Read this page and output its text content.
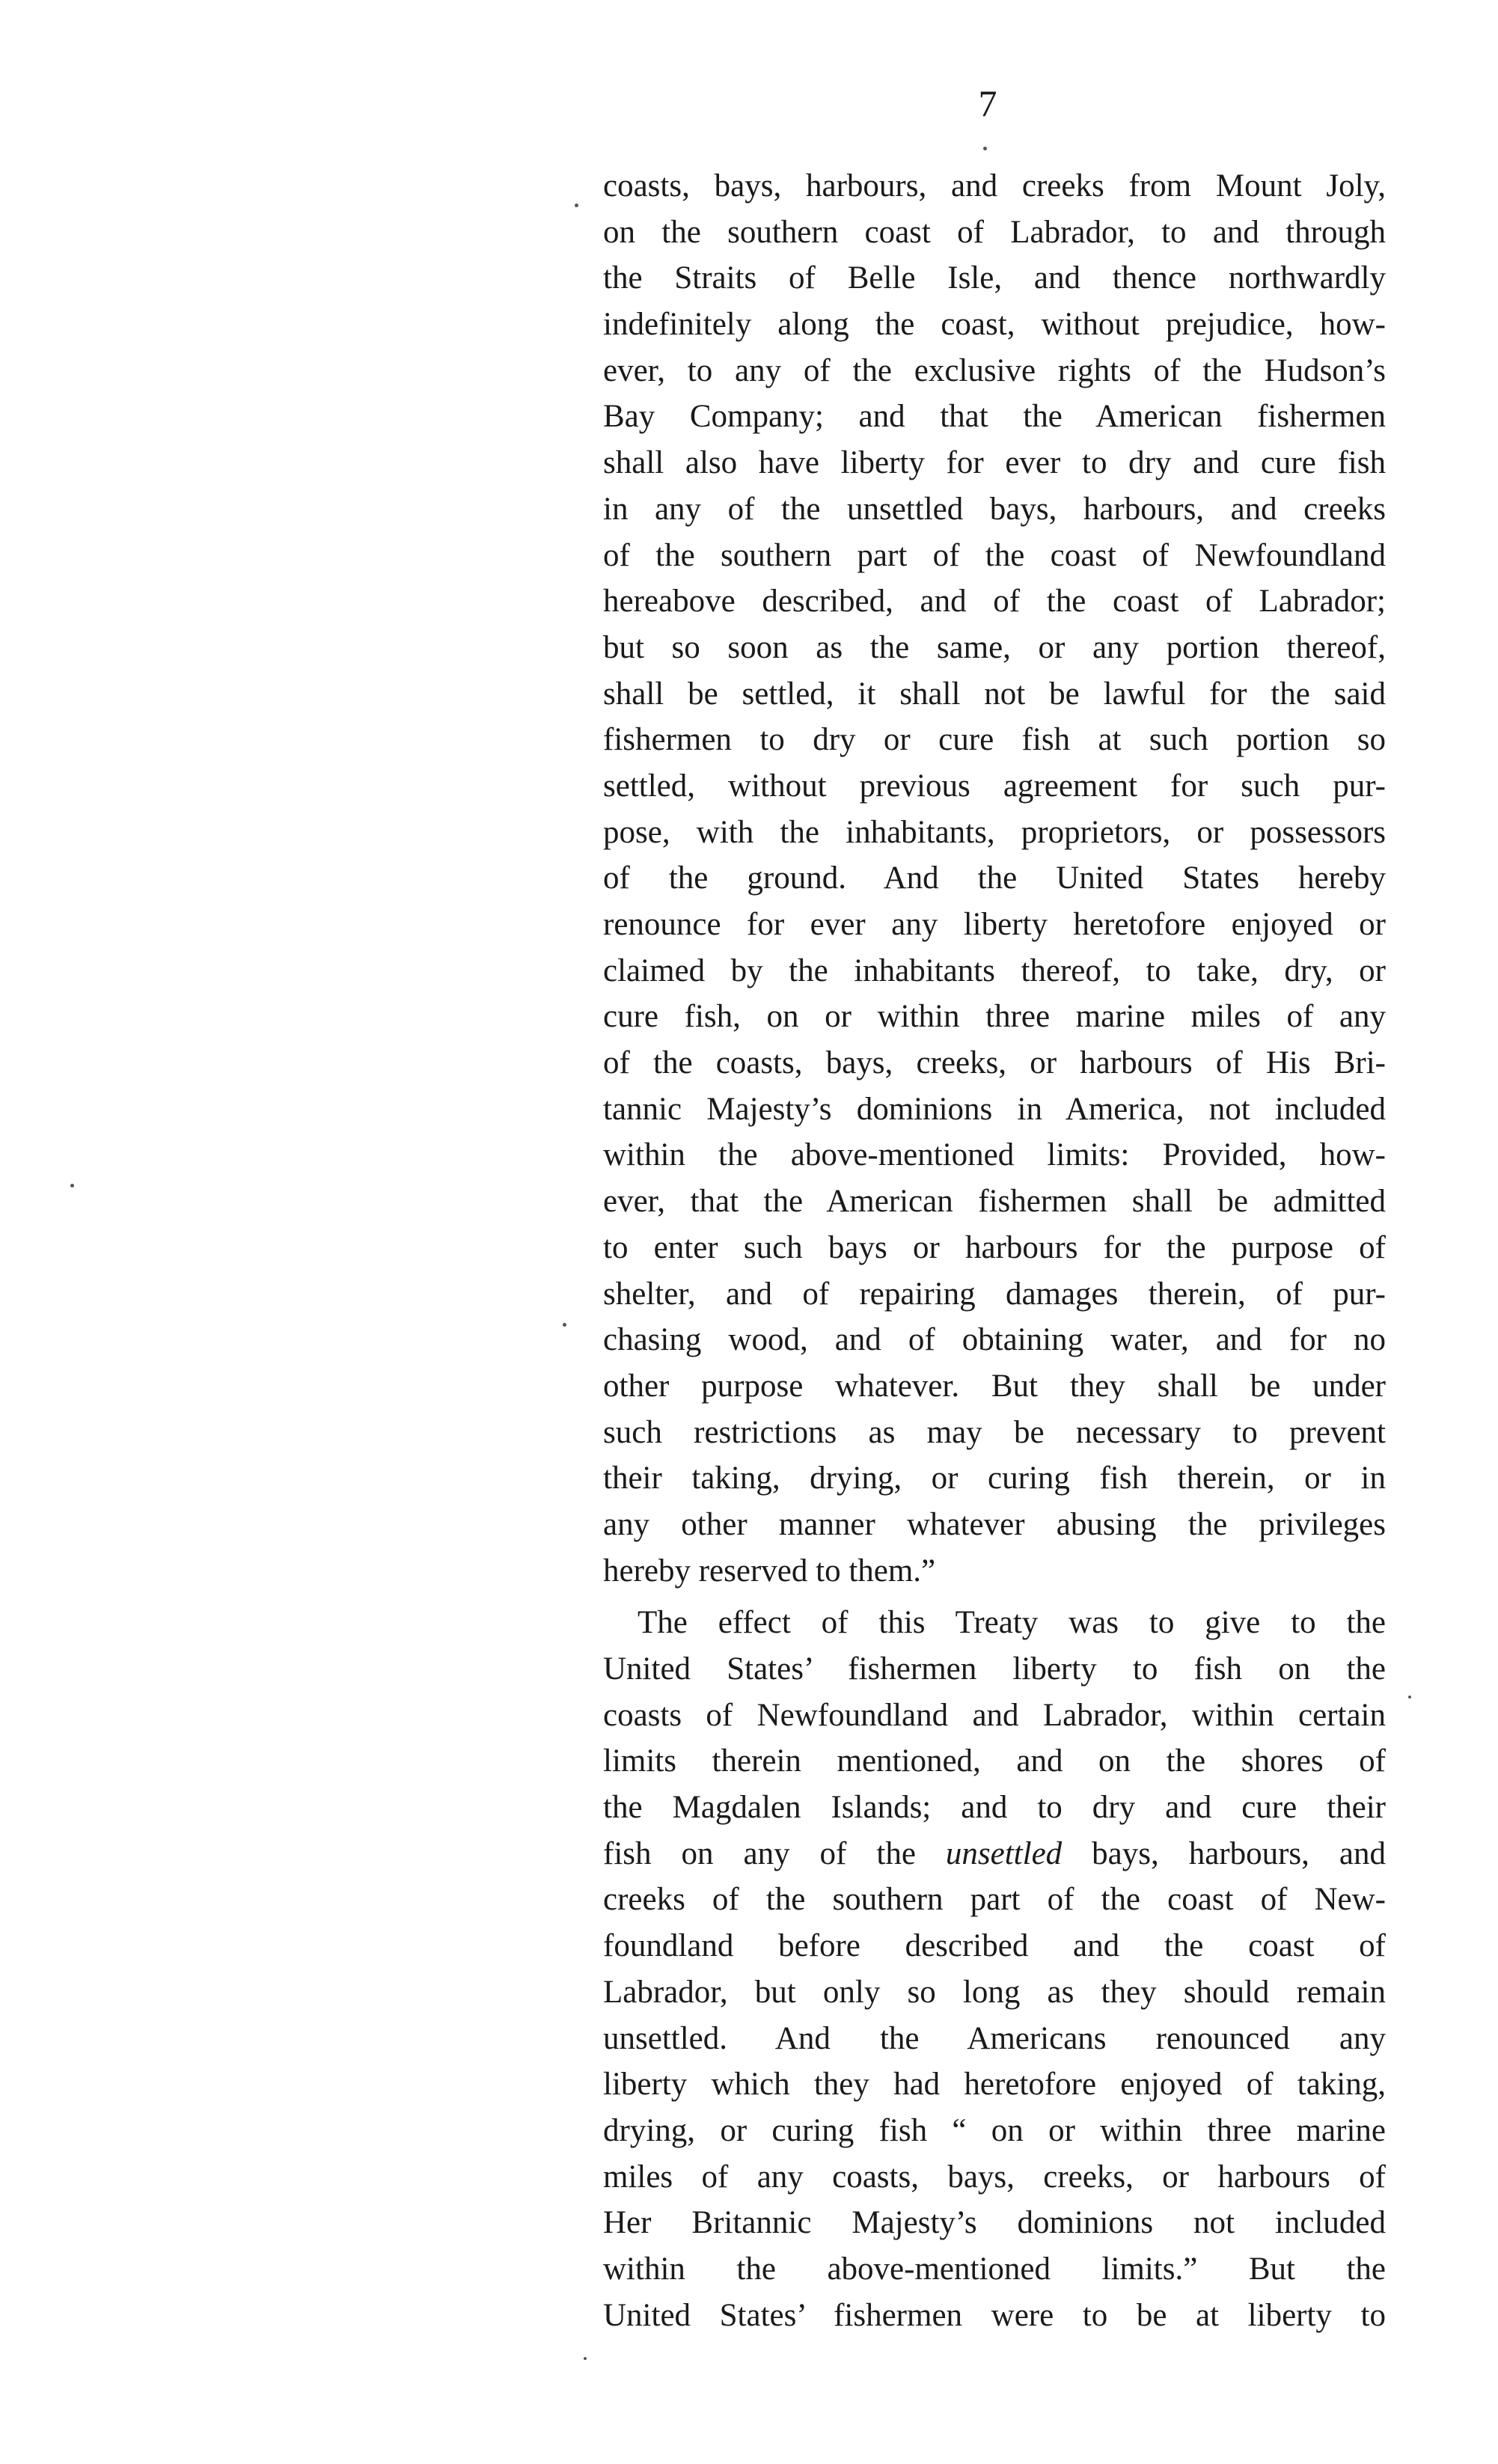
7
coasts, bays, harbours, and creeks from Mount Joly,
on the southern coast of Labrador, to and through
the Straits of Belle Isle, and thence northwardly
indefinitely along the coast, without prejudice, how-
ever, to any of the exclusive rights of the Hudson’s
Bay Company; and that the American fishermen
shall also have liberty for ever to dry and cure fish
in any of the unsettled bays, harbours, and creeks
of the southern part of the coast of Newfoundland
hereabove described, and of the coast of Labrador;
but so soon as the same, or any portion thereof,
shall be settled, it shall not be lawful for the said
fishermen to dry or cure fish at such portion so
settled, without previous agreement for such pur-
pose, with the inhabitants, proprietors, or possessors
of the ground. And the United States hereby
renounce for ever any liberty heretofore enjoyed or
claimed by the inhabitants thereof, to take, dry, or
cure fish, on or within three marine miles of any
of the coasts, bays, creeks, or harbours of His Bri-
tannic Majesty’s dominions in America, not included
within the above-mentioned limits: Provided, how-
ever, that the American fishermen shall be admitted
to enter such bays or harbours for the purpose of
shelter, and of repairing damages therein, of pur-
chasing wood, and of obtaining water, and for no
other purpose whatever. But they shall be under
such restrictions as may be necessary to prevent
their taking, drying, or curing fish therein, or in
any other manner whatever abusing the privileges
hereby reserved to them.”
The effect of this Treaty was to give to the
United States’ fishermen liberty to fish on the
coasts of Newfoundland and Labrador, within certain
limits therein mentioned, and on the shores of
the Magdalen Islands; and to dry and cure their
fish on any of the unsettled bays, harbours, and
creeks of the southern part of the coast of New-
foundland before described and the coast of
Labrador, but only so long as they should remain
unsettled. And the Americans renounced any
liberty which they had heretofore enjoyed of taking,
drying, or curing fish “ on or within three marine
miles of any coasts, bays, creeks, or harbours of
Her Britannic Majesty’s dominions not included
within the above-mentioned limits.” But the
United States’ fishermen were to be at liberty to
